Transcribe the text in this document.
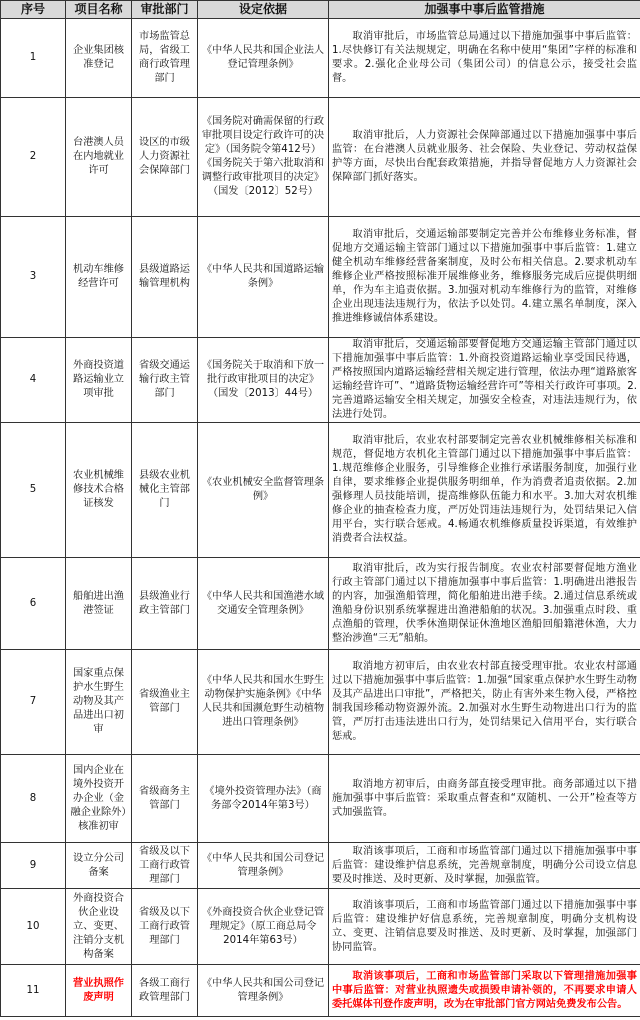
序号	项目名称	审批部门	设定依据	加强事中事后监管措施
1	企业集团核准登记	市场监管总局，省级工商行政管理部门	《中华人民共和国企业法人登记管理条例》	取消审批后，市场监管总局通过以下措施加强事中事后监管：1.尽快修订有关法规规定，明确在名称中使用“集团”字样的标准和要求。2.强化企业母公司（集团公司）的信息公示，接受社会监督。
2	台港澳人员在内地就业许可	设区的市级人力资源社会保障部门	《国务院对确需保留的行政审批项目设定行政许可的决定》（国务院令第412号）《国务院关于第六批取消和调整行政审批项目的决定》（国发〔2012〕52号）	取消审批后，人力资源社会保障部通过以下措施加强事中事后监管：在台港澳人员就业服务、社会保险、失业登记、劳动权益保护等方面，尽快出台配套政策措施，并指导督促地方人力资源社会保障部门抓好落实。
3	机动车维修经营许可	县级道路运输管理机构	《中华人民共和国道路运输条例》	取消审批后，交通运输部要制定完善并公布维修业务标准，督促地方交通运输主管部门通过以下措施加强事中事后监管：1.建立健全机动车维修经营备案制度，及时公布相关信息。2.要求机动车维修企业严格按照标准开展维修业务，维修服务完成后应提供明细单，作为车主追责依据。3.加强对机动车维修行为的监管，对维修企业出现违法违规行为，依法予以处罚。4.建立黑名单制度，深入推进维修诚信体系建设。
4	外商投资道路运输业立项审批	省级交通运输行政主管部门	《国务院关于取消和下放一批行政审批项目的决定》（国发〔2013〕44号）	取消审批后，交通运输部要督促地方交通运输主管部门通过以下措施加强事中事后监管：1.外商投资道路运输业享受国民待遇，严格按照国内道路运输经营相关规定进行管理，依法办理“道路旅客运输经营许可”、“道路货物运输经营许可”等相关行政许可事项。2.完善道路运输安全相关规定，加强安全检查，对违法违规行为，依法进行处罚。
5	农业机械维修技术合格证核发	县级农业机械化主管部门	《农业机械安全监督管理条例》	取消审批后，农业农村部要制定完善农业机械维修相关标准和规范，督促地方农机化主管部门通过以下措施加强事中事后监管：1.规范维修企业服务，引导维修企业推行承诺服务制度，加强行业自律，要求维修企业提供服务明细单，作为消费者追责依据。2.加强修理人员技能培训，提高维修队伍能力和水平。3.加大对农机维修企业的抽查检查力度，严厉处罚违法违规行为，处罚结果记入信用平台，实行联合惩戒。4.畅通农机维修质量投诉渠道，有效维护消费者合法权益。
6	船舶进出渔港签证	县级渔业行政主管部门	《中华人民共和国渔港水域交通安全管理条例》	取消审批后，改为实行报告制度。农业农村部要督促地方渔业行政主管部门通过以下措施加强事中事后监管：1.明确进出港报告的内容，加强渔船管理，简化船舶进出港手续。2.通过信息系统或渔船身份识别系统掌握进出渔港船舶的状况。3.加强重点时段、重点渔船的管理，伏季休渔期保证休渔地区渔船回船籍港休渔，大力整治涉渔“三无”船舶。
7	国家重点保护水生野生动物及其产品进出口初审	省级渔业主管部门	《中华人民共和国水生野生动物保护实施条例》《中华人民共和国濒危野生动植物进出口管理条例》	取消地方初审后，由农业农村部直接受理审批。农业农村部通过以下措施加强事中事后监管：1.加强“国家重点保护水生野生动物及其产品进出口审批”，严格把关，防止有害外来生物入侵，严格控制我国珍稀动物资源外流。2.加强对水生野生动物进出口行为的监管，严厉打击违法进出口行为，处罚结果记入信用平台，实行联合惩戒。
8	国内企业在境外投资开办企业（金融企业除外）核准初审	省级商务主管部门	《境外投资管理办法》（商务部令2014年第3号）	取消地方初审后，由商务部直接受理审批。商务部通过以下措施加强事中事后监管：采取重点督查和“双随机、一公开”检查等方式加强监管。
9	设立分公司备案	省级及以下工商行政管理部门	《中华人民共和国公司登记管理条例》	取消该事项后，工商和市场监管部门通过以下措施加强事中事后监管：建设维护信息系统，完善规章制度，明确分公司设立信息要及时推送、及时更新、及时掌握，加强监管。
10	外商投资合伙企业设立、变更、注销分支机构备案	省级及以下工商行政管理部门	《外商投资合伙企业登记管理规定》（原工商总局令2014年第63号）	取消该事项后，工商和市场监管部门通过以下措施加强事中事后监管：建设维护好信息系统，完善规章制度，明确分支机构设立、变更、注销信息要及时推送、及时更新、及时掌握，加强部门协同监管。
11	营业执照作废声明	各级工商行政管理部门	《中华人民共和国公司登记管理条例》	取消该事项后，工商和市场监管部门采取以下管理措施加强事中事后监管：对营业执照遗失或损毁申请补领的，不再要求申请人委托媒体刊登作废声明，改为在审批部门官方网站免费发布公告。
